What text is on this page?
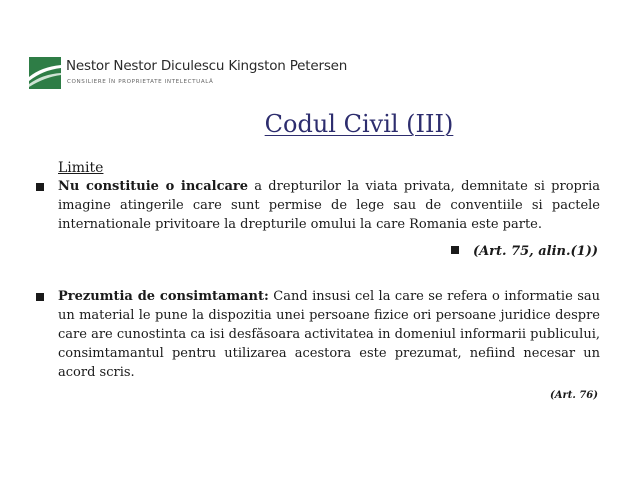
Nestor Nestor Diculescu Kingston Petersen
CONSILIERE ÎN PROPRIETATE INTELECTUALĂ
Codul Civil (III)
Limite
Nu constituie o incalcare a drepturilor la viata privata, demnitate si propria imagine atingerile care sunt permise de lege sau de conventiile si pactele internationale privitoare la drepturile omului la care Romania este parte.
(Art. 75, alin.(1))
Prezumtia de consimtamant: Cand insusi cel la care se refera o informatie sau un material le pune la dispozitia unei persoane fizice ori persoane juridice despre care are cunostinta ca isi desfăsoara activitatea in domeniul informarii publicului, consimtamantul pentru utilizarea acestora este prezumat, nefiind necesar un acord scris.
(Art. 76)
